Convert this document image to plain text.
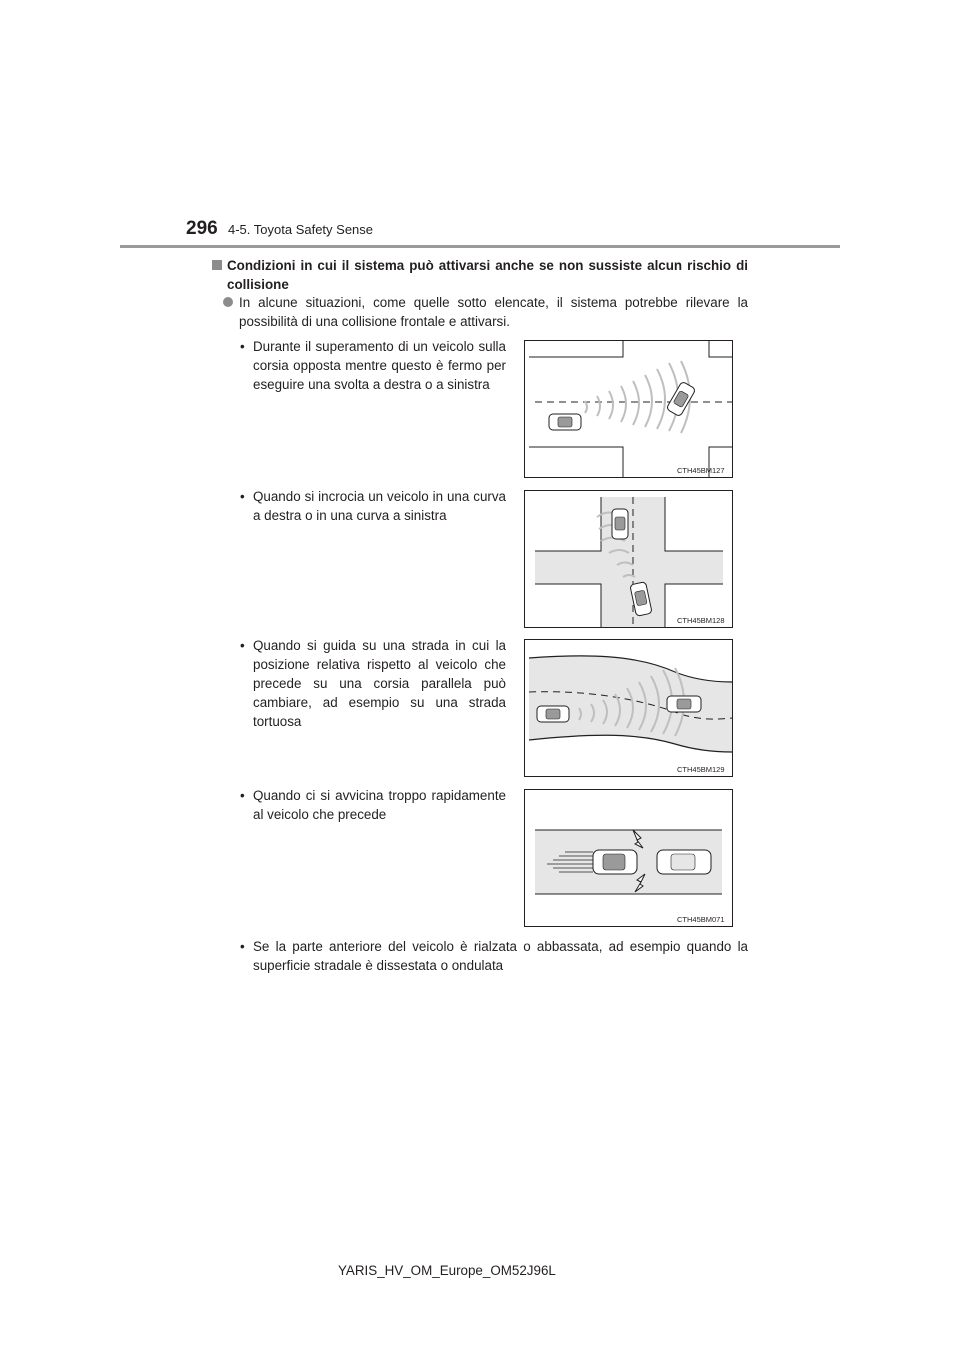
296 4-5. Toyota Safety Sense
Condizioni in cui il sistema può attivarsi anche se non sussiste alcun rischio di collisione
In alcune situazioni, come quelle sotto elencate, il sistema potrebbe rilevare la possibilità di una collisione frontale e attivarsi.
• Durante il superamento di un veicolo sulla corsia opposta mentre questo è fermo per eseguire una svolta a destra o a sinistra
CTH45BM127
• Quando si incrocia un veicolo in una curva a destra o in una curva a sinistra
CTH45BM128
• Quando si guida su una strada in cui la posizione relativa rispetto al veicolo che precede su una corsia parallela può cambiare, ad esempio su una strada tortuosa
CTH45BM129
• Quando ci si avvicina troppo rapidamente al veicolo che precede
CTH45BM071
• Se la parte anteriore del veicolo è rialzata o abbassata, ad esempio quando la superficie stradale è dissestata o ondulata
YARIS_HV_OM_Europe_OM52J96L
